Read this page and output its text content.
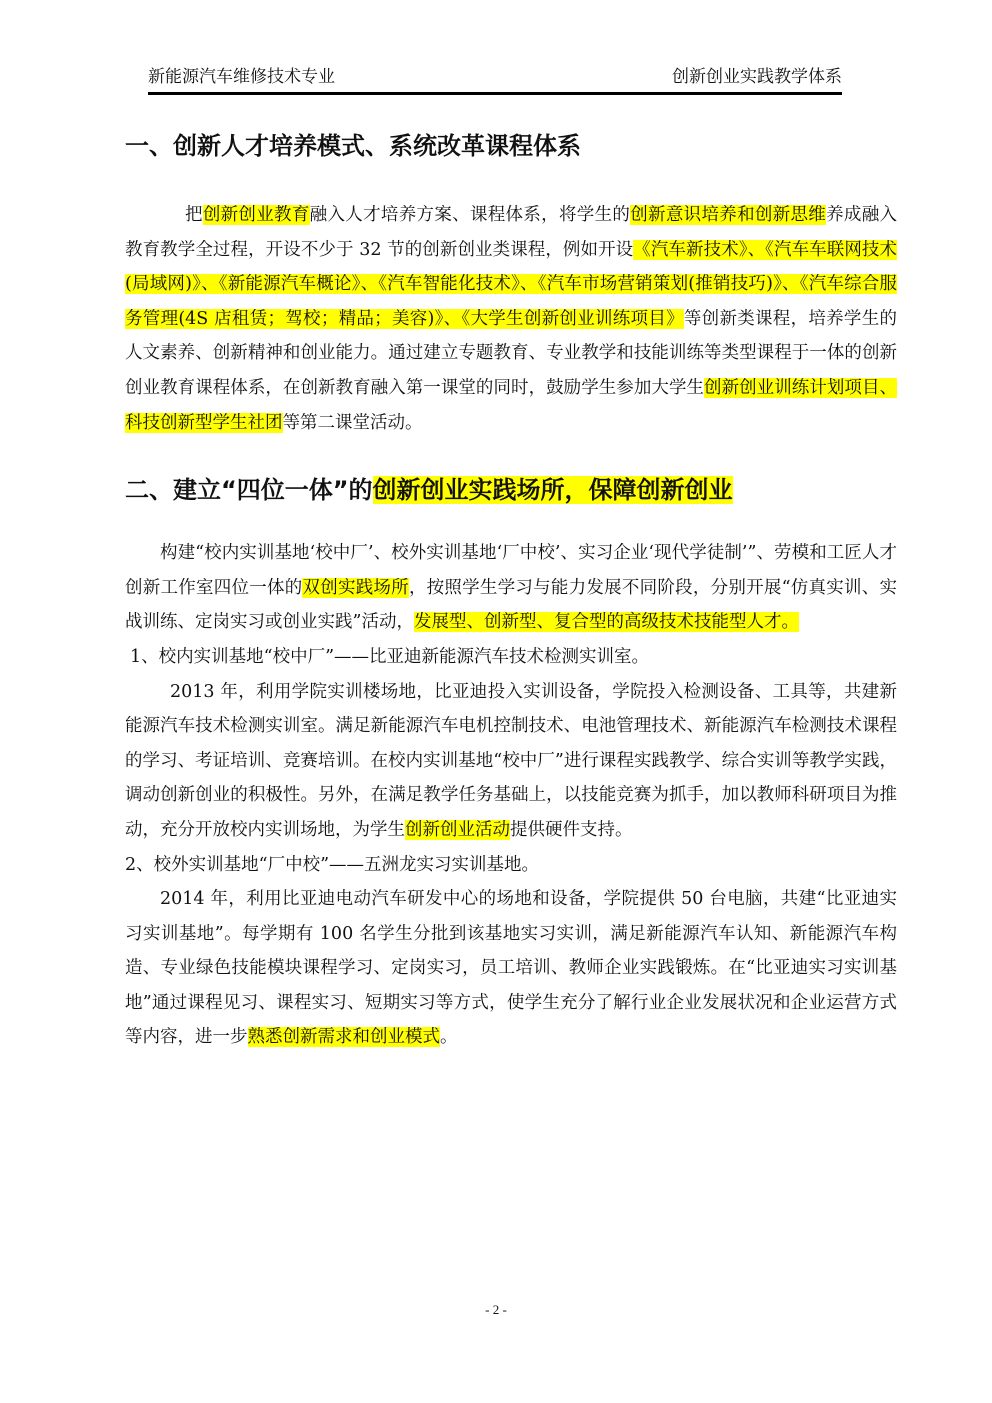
新能源汽车维修技术专业	创新创业实践教学体系
一、创新人才培养模式、系统改革课程体系

把创新创业教育融入人才培养方案、课程体系，将学生的创新意识培养和创新思维养成融入教育教学全过程，开设不少于 32 节的创新创业类课程，例如开设《汽车新技术》、《汽车车联网技术(局域网)》、《新能源汽车概论》、《汽车智能化技术》、《汽车市场营销策划(推销技巧)》、《汽车综合服务管理(4S 店租赁；驾校；精品；美容)》、《大学生创新创业训练项目》等创新类课程，培养学生的人文素养、创新精神和创业能力。通过建立专题教育、专业教学和技能训练等类型课程于一体的创新创业教育课程体系，在创新教育融入第一课堂的同时，鼓励学生参加大学生创新创业训练计划项目、科技创新型学生社团等第二课堂活动。

二、建立“四位一体”的创新创业实践场所，保障创新创业

构建“校内实训基地‘校中厂’、校外实训基地‘厂中校’、实习企业‘现代学徒制’”、劳模和工匠人才创新工作室四位一体的双创实践场所，按照学生学习与能力发展不同阶段，分别开展“仿真实训、实战训练、定岗实习或创业实践”活动，发展型、创新型、复合型的高级技术技能型人才。

1、校内实训基地“校中厂”——比亚迪新能源汽车技术检测实训室。

2013 年，利用学院实训楼场地，比亚迪投入实训设备，学院投入检测设备、工具等，共建新能源汽车技术检测实训室。满足新能源汽车电机控制技术、电池管理技术、新能源汽车检测技术课程的学习、考证培训、竞赛培训。在校内实训基地“校中厂”进行课程实践教学、综合实训等教学实践，调动创新创业的积极性。另外，在满足教学任务基础上，以技能竞赛为抓手，加以教师科研项目为推动，充分开放校内实训场地，为学生创新创业活动提供硬件支持。

2、校外实训基地“厂中校”——五洲龙实习实训基地。

2014 年，利用比亚迪电动汽车研发中心的场地和设备，学院提供 50 台电脑，共建“比亚迪实习实训基地”。每学期有 100 名学生分批到该基地实习实训，满足新能源汽车认知、新能源汽车构造、专业绿色技能模块课程学习、定岗实习，员工培训、教师企业实践锻炼。在“比亚迪实习实训基地”通过课程见习、课程实习、短期实习等方式，使学生充分了解行业企业发展状况和企业运营方式等内容，进一步熟悉创新需求和创业模式。

- 2 -
